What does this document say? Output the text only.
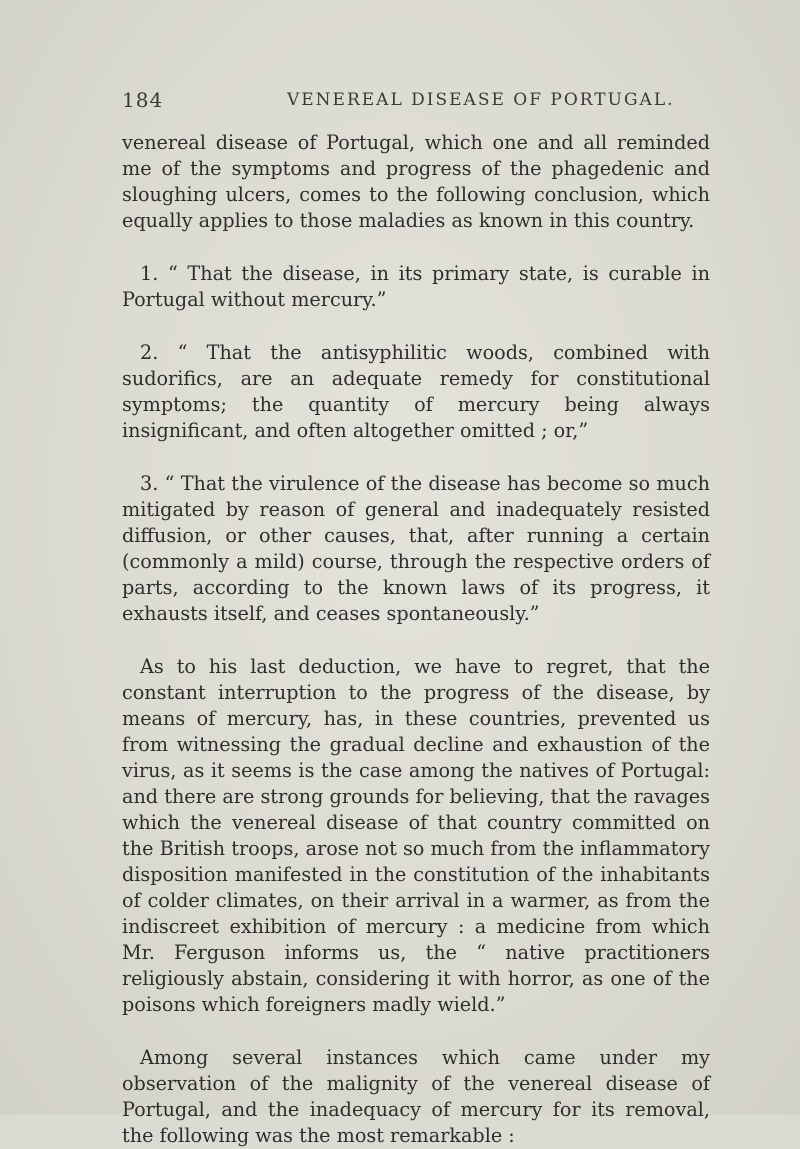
184	VENEREAL DISEASE OF PORTUGAL.

venereal disease of Portugal, which one and all reminded me of the symptoms and progress of the phagedenic and sloughing ulcers, comes to the following conclusion, which equally applies to those maladies as known in this country.

1. “ That the disease, in its primary state, is curable in Portugal without mercury.”

2. “ That the antisyphilitic woods, combined with sudorifics, are an adequate remedy for constitutional symptoms; the quantity of mercury being always insignificant, and often altogether omitted ; or,”

3. “ That the virulence of the disease has become so much mitigated by reason of general and inadequately resisted diffusion, or other causes, that, after running a certain (commonly a mild) course, through the respective orders of parts, according to the known laws of its progress, it exhausts itself, and ceases spontaneously.”

As to his last deduction, we have to regret, that the constant interruption to the progress of the disease, by means of mercury, has, in these countries, prevented us from witnessing the gradual decline and exhaustion of the virus, as it seems is the case among the natives of Portugal: and there are strong grounds for believing, that the ravages which the venereal disease of that country committed on the British troops, arose not so much from the inflammatory disposition manifested in the constitution of the inhabitants of colder climates, on their arrival in a warmer, as from the indiscreet exhibition of mercury : a medicine from which Mr. Ferguson informs us, the “ native practitioners religiously abstain, considering it with horror, as one of the poisons which foreigners madly wield.”

Among several instances which came under my observation of the malignity of the venereal disease of Portugal, and the inadequacy of mercury for its removal, the following was the most remarkable :
